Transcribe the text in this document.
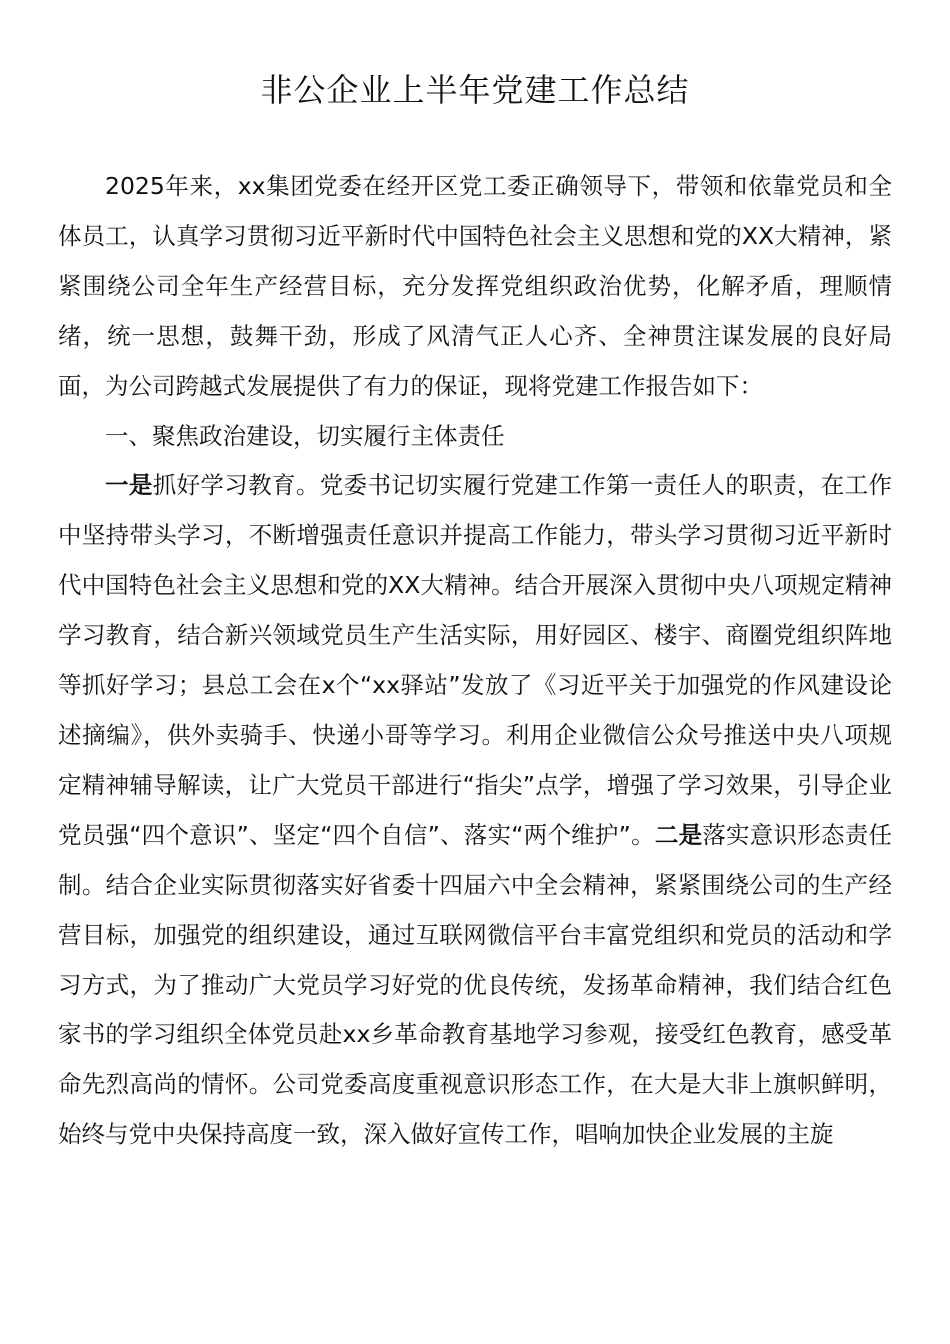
非公企业上半年党建工作总结

2025年来，xx集团党委在经开区党工委正确领导下，带领和依靠党员和全体员工，认真学习贯彻习近平新时代中国特色社会主义思想和党的XX大精神，紧紧围绕公司全年生产经营目标，充分发挥党组织政治优势，化解矛盾，理顺情绪，统一思想，鼓舞干劲，形成了风清气正人心齐、全神贯注谋发展的良好局面，为公司跨越式发展提供了有力的保证，现将党建工作报告如下：

一、聚焦政治建设，切实履行主体责任

一是抓好学习教育。党委书记切实履行党建工作第一责任人的职责，在工作中坚持带头学习，不断增强责任意识并提高工作能力，带头学习贯彻习近平新时代中国特色社会主义思想和党的XX大精神。结合开展深入贯彻中央八项规定精神学习教育，结合新兴领域党员生产生活实际，用好园区、楼宇、商圈党组织阵地等抓好学习；县总工会在x个“xx驿站”发放了《习近平关于加强党的作风建设论述摘编》，供外卖骑手、快递小哥等学习。利用企业微信公众号推送中央八项规定精神辅导解读，让广大党员干部进行“指尖”点学，增强了学习效果，引导企业党员强“四个意识”、坚定“四个自信”、落实“两个维护”。二是落实意识形态责任制。结合企业实际贯彻落实好省委十四届六中全会精神，紧紧围绕公司的生产经营目标，加强党的组织建设，通过互联网微信平台丰富党组织和党员的活动和学习方式，为了推动广大党员学习好党的优良传统，发扬革命精神，我们结合红色家书的学习组织全体党员赴xx乡革命教育基地学习参观，接受红色教育，感受革命先烈高尚的情怀。公司党委高度重视意识形态工作，在大是大非上旗帜鲜明，始终与党中央保持高度一致，深入做好宣传工作，唱响加快企业发展的主旋
